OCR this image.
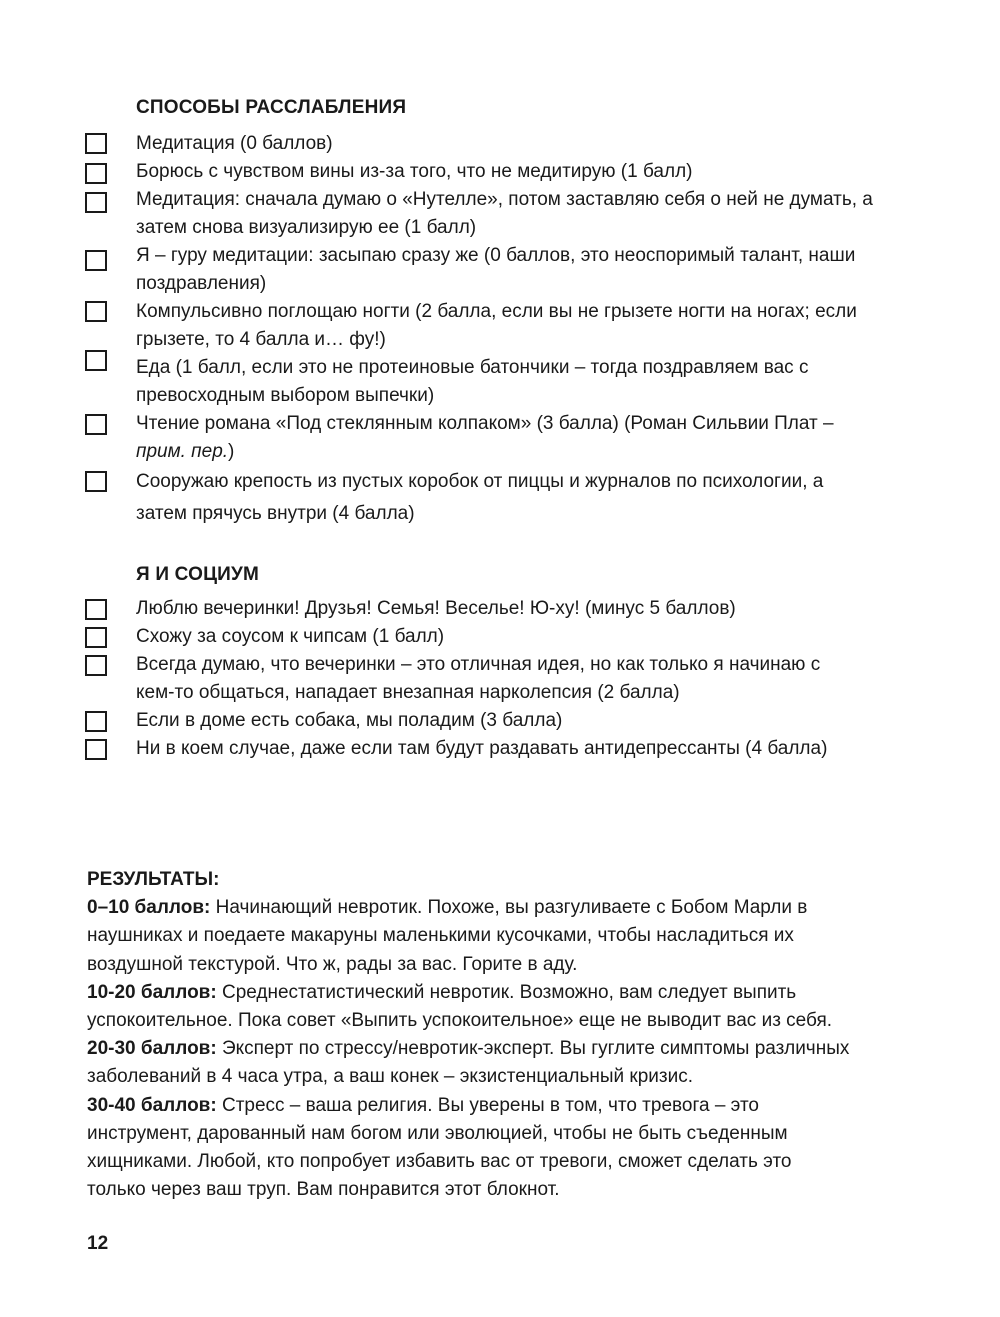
СПОСОБЫ РАССЛАБЛЕНИЯ
Медитация (0 баллов)
Борюсь с чувством вины из-за того, что не медитирую (1 балл)
Медитация: сначала думаю о «Нутелле», потом заставляю себя о ней не думать, а
затем снова визуализирую ее (1 балл)
Я – гуру медитации: засыпаю сразу же (0 баллов, это неоспоримый талант, наши
поздравления)
Компульсивно поглощаю ногти (2 балла, если вы не грызете ногти на ногах; если
грызете, то 4 балла и… фу!)
Еда (1 балл, если это не протеиновые батончики – тогда поздравляем вас с
превосходным выбором выпечки)
Чтение романа «Под стеклянным колпаком» (3 балла) (Роман Сильвии Плат –
прим. пер.)
Сооружаю крепость из пустых коробок от пиццы и журналов по психологии, а
затем прячусь внутри (4 балла)
Я И СОЦИУМ
Люблю вечеринки! Друзья! Семья! Веселье! Ю-ху! (минус 5 баллов)
Схожу за соусом к чипсам (1 балл)
Всегда думаю, что вечеринки – это отличная идея, но как только я начинаю с
кем-то общаться, нападает внезапная нарколепсия (2 балла)
Если в доме есть собака, мы поладим (3 балла)
Ни в коем случае, даже если там будут раздавать антидепрессанты (4 балла)
РЕЗУЛЬТАТЫ:
0–10 баллов: Начинающий невротик. Похоже, вы разгуливаете с Бобом Марли в
наушниках и поедаете макаруны маленькими кусочками, чтобы насладиться их
воздушной текстурой. Что ж, рады за вас. Горите в аду.
10-20 баллов: Среднестатистический невротик. Возможно, вам следует выпить
успокоительное. Пока совет «Выпить успокоительное» еще не выводит вас из себя.
20-30 баллов: Эксперт по стрессу/невротик-эксперт. Вы гуглите симптомы различных
заболеваний в 4 часа утра, а ваш конек – экзистенциальный кризис.
30-40 баллов: Стресс – ваша религия. Вы уверены в том, что тревога – это
инструмент, дарованный нам богом или эволюцией, чтобы не быть съеденным
хищниками. Любой, кто попробует избавить вас от тревоги, сможет сделать это
только через ваш труп. Вам понравится этот блокнот.
12
